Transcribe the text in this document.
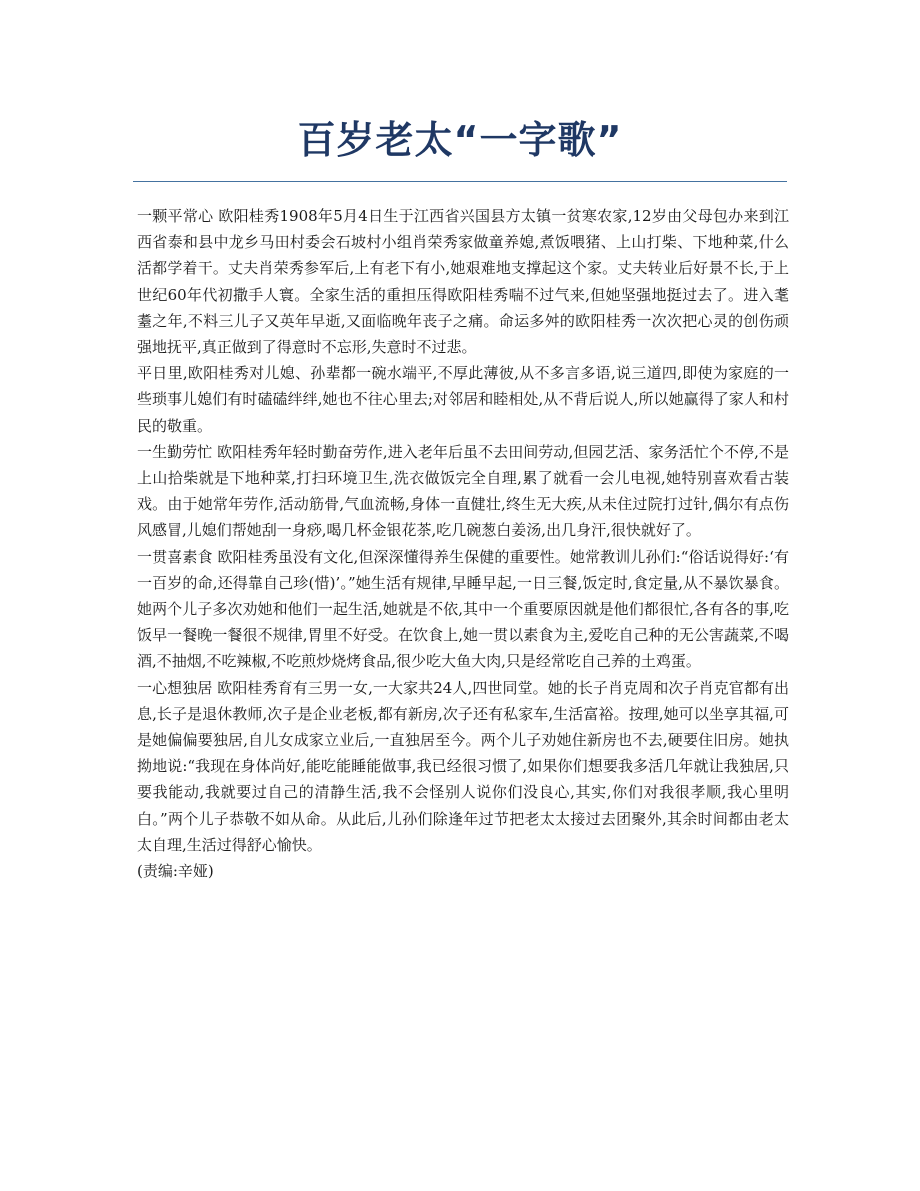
百岁老太“一字歌”

一颗平常心 欧阳桂秀1908年5月4日生于江西省兴国县方太镇一贫寒农家,12岁由父母包办来到江西省泰和县中龙乡马田村委会石坡村小组肖荣秀家做童养媳,煮饭喂猪、上山打柴、下地种菜,什么活都学着干。丈夫肖荣秀参军后,上有老下有小,她艰难地支撑起这个家。丈夫转业后好景不长,于上世纪60年代初撒手人寰。全家生活的重担压得欧阳桂秀喘不过气来,但她坚强地挺过去了。进入耄耋之年,不料三儿子又英年早逝,又面临晚年丧子之痛。命运多舛的欧阳桂秀一次次把心灵的创伤顽强地抚平,真正做到了得意时不忘形,失意时不过悲。

平日里,欧阳桂秀对儿媳、孙辈都一碗水端平,不厚此薄彼,从不多言多语,说三道四,即使为家庭的一些琐事儿媳们有时磕磕绊绊,她也不往心里去;对邻居和睦相处,从不背后说人,所以她赢得了家人和村民的敬重。

一生勤劳忙 欧阳桂秀年轻时勤奋劳作,进入老年后虽不去田间劳动,但园艺活、家务活忙个不停,不是上山拾柴就是下地种菜,打扫环境卫生,洗衣做饭完全自理,累了就看一会儿电视,她特别喜欢看古装戏。由于她常年劳作,活动筋骨,气血流畅,身体一直健壮,终生无大疾,从未住过院打过针,偶尔有点伤风感冒,儿媳们帮她刮一身痧,喝几杯金银花茶,吃几碗葱白姜汤,出几身汗,很快就好了。

一贯喜素食 欧阳桂秀虽没有文化,但深深懂得养生保健的重要性。她常教训儿孙们:“俗话说得好:‘有一百岁的命,还得靠自己珍(惜)’。”她生活有规律,早睡早起,一日三餐,饭定时,食定量,从不暴饮暴食。她两个儿子多次劝她和他们一起生活,她就是不依,其中一个重要原因就是他们都很忙,各有各的事,吃饭早一餐晚一餐很不规律,胃里不好受。在饮食上,她一贯以素食为主,爱吃自己种的无公害蔬菜,不喝酒,不抽烟,不吃辣椒,不吃煎炒烧烤食品,很少吃大鱼大肉,只是经常吃自己养的土鸡蛋。

一心想独居 欧阳桂秀育有三男一女,一大家共24人,四世同堂。她的长子肖克周和次子肖克官都有出息,长子是退休教师,次子是企业老板,都有新房,次子还有私家车,生活富裕。按理,她可以坐享其福,可是她偏偏要独居,自儿女成家立业后,一直独居至今。两个儿子劝她住新房也不去,硬要住旧房。她执拗地说:“我现在身体尚好,能吃能睡能做事,我已经很习惯了,如果你们想要我多活几年就让我独居,只要我能动,我就要过自己的清静生活,我不会怪别人说你们没良心,其实,你们对我很孝顺,我心里明白。”两个儿子恭敬不如从命。从此后,儿孙们除逢年过节把老太太接过去团聚外,其余时间都由老太太自理,生活过得舒心愉快。

(责编:辛娅)
